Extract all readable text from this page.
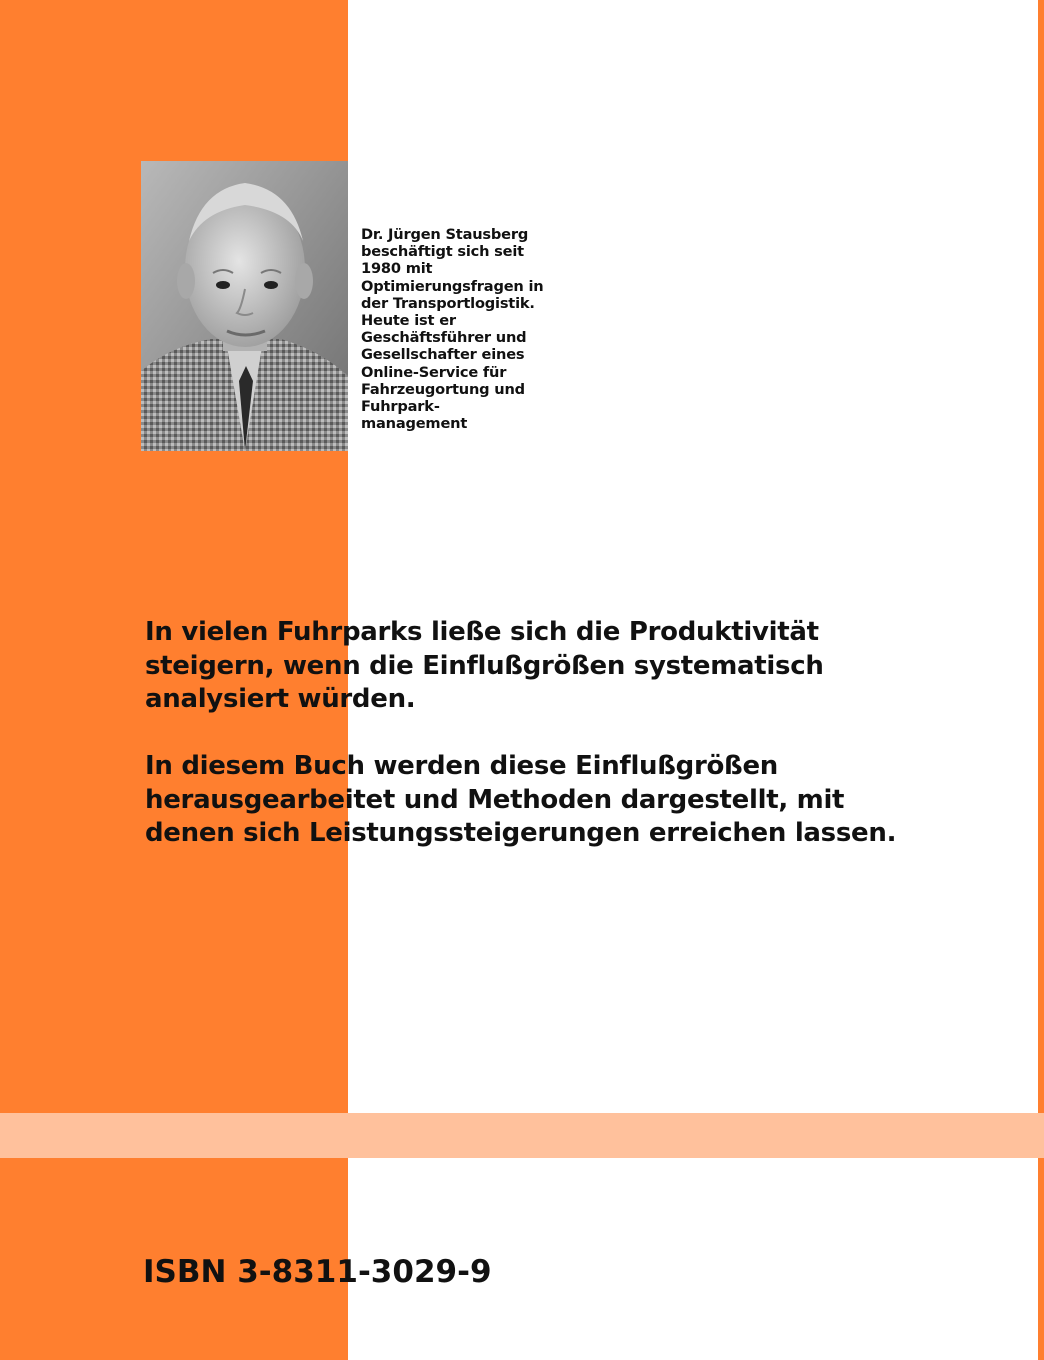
Dr. Jürgen Stausberg
beschäftigt sich seit
1980 mit
Optimierungsfragen in
der Transportlogistik.
Heute ist er
Geschäftsführer und
Gesellschafter eines
Online-Service für
Fahrzeugortung und
Fuhrpark-
management
In vielen Fuhrparks ließe sich die Produktivität
steigern, wenn die Einflußgrößen systematisch
analysiert würden.
In diesem Buch werden diese Einflußgrößen
herausgearbeitet und Methoden dargestellt, mit
denen sich Leistungssteigerungen erreichen lassen.
ISBN 3-8311-3029-9
